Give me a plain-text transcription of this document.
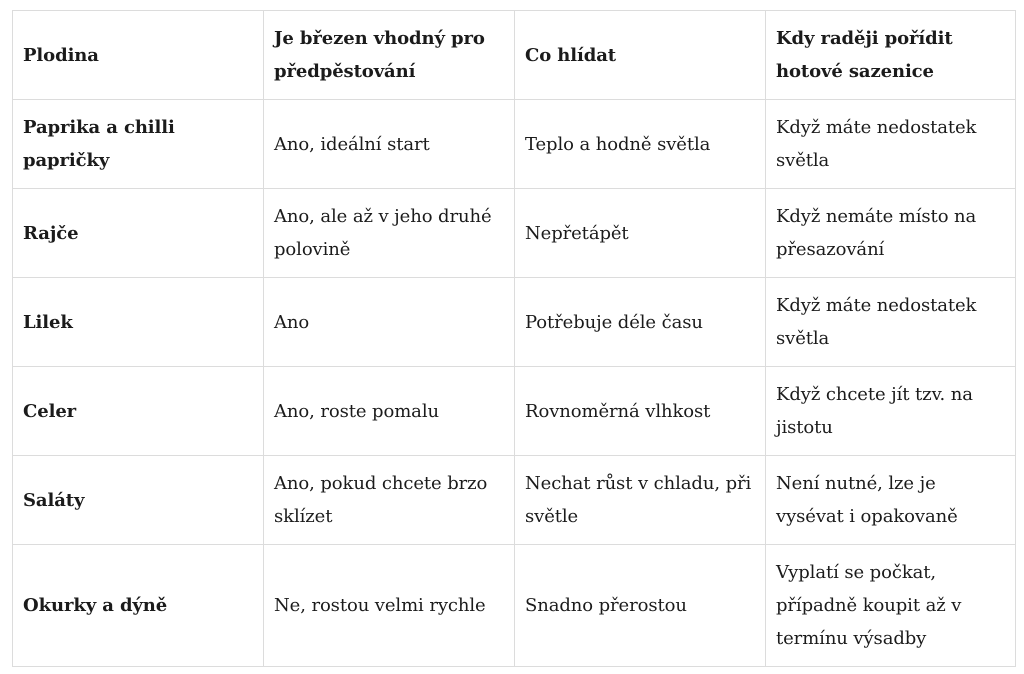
Plodina	Je březen vhodný pro předpěstování	Co hlídat	Kdy raději pořídit hotové sazenice
Paprika a chilli papričky	Ano, ideální start	Teplo a hodně světla	Když máte nedostatek světla
Rajče	Ano, ale až v jeho druhé polovině	Nepřetápět	Když nemáte místo na přesazování
Lilek	Ano	Potřebuje déle času	Když máte nedostatek světla
Celer	Ano, roste pomalu	Rovnoměrná vlhkost	Když chcete jít tzv. na jistotu
Saláty	Ano, pokud chcete brzo sklízet	Nechat růst v chladu, při světle	Není nutné, lze je vysévat i opakovaně
Okurky a dýně	Ne, rostou velmi rychle	Snadno přerostou	Vyplatí se počkat, případně koupit až v termínu výsadby
